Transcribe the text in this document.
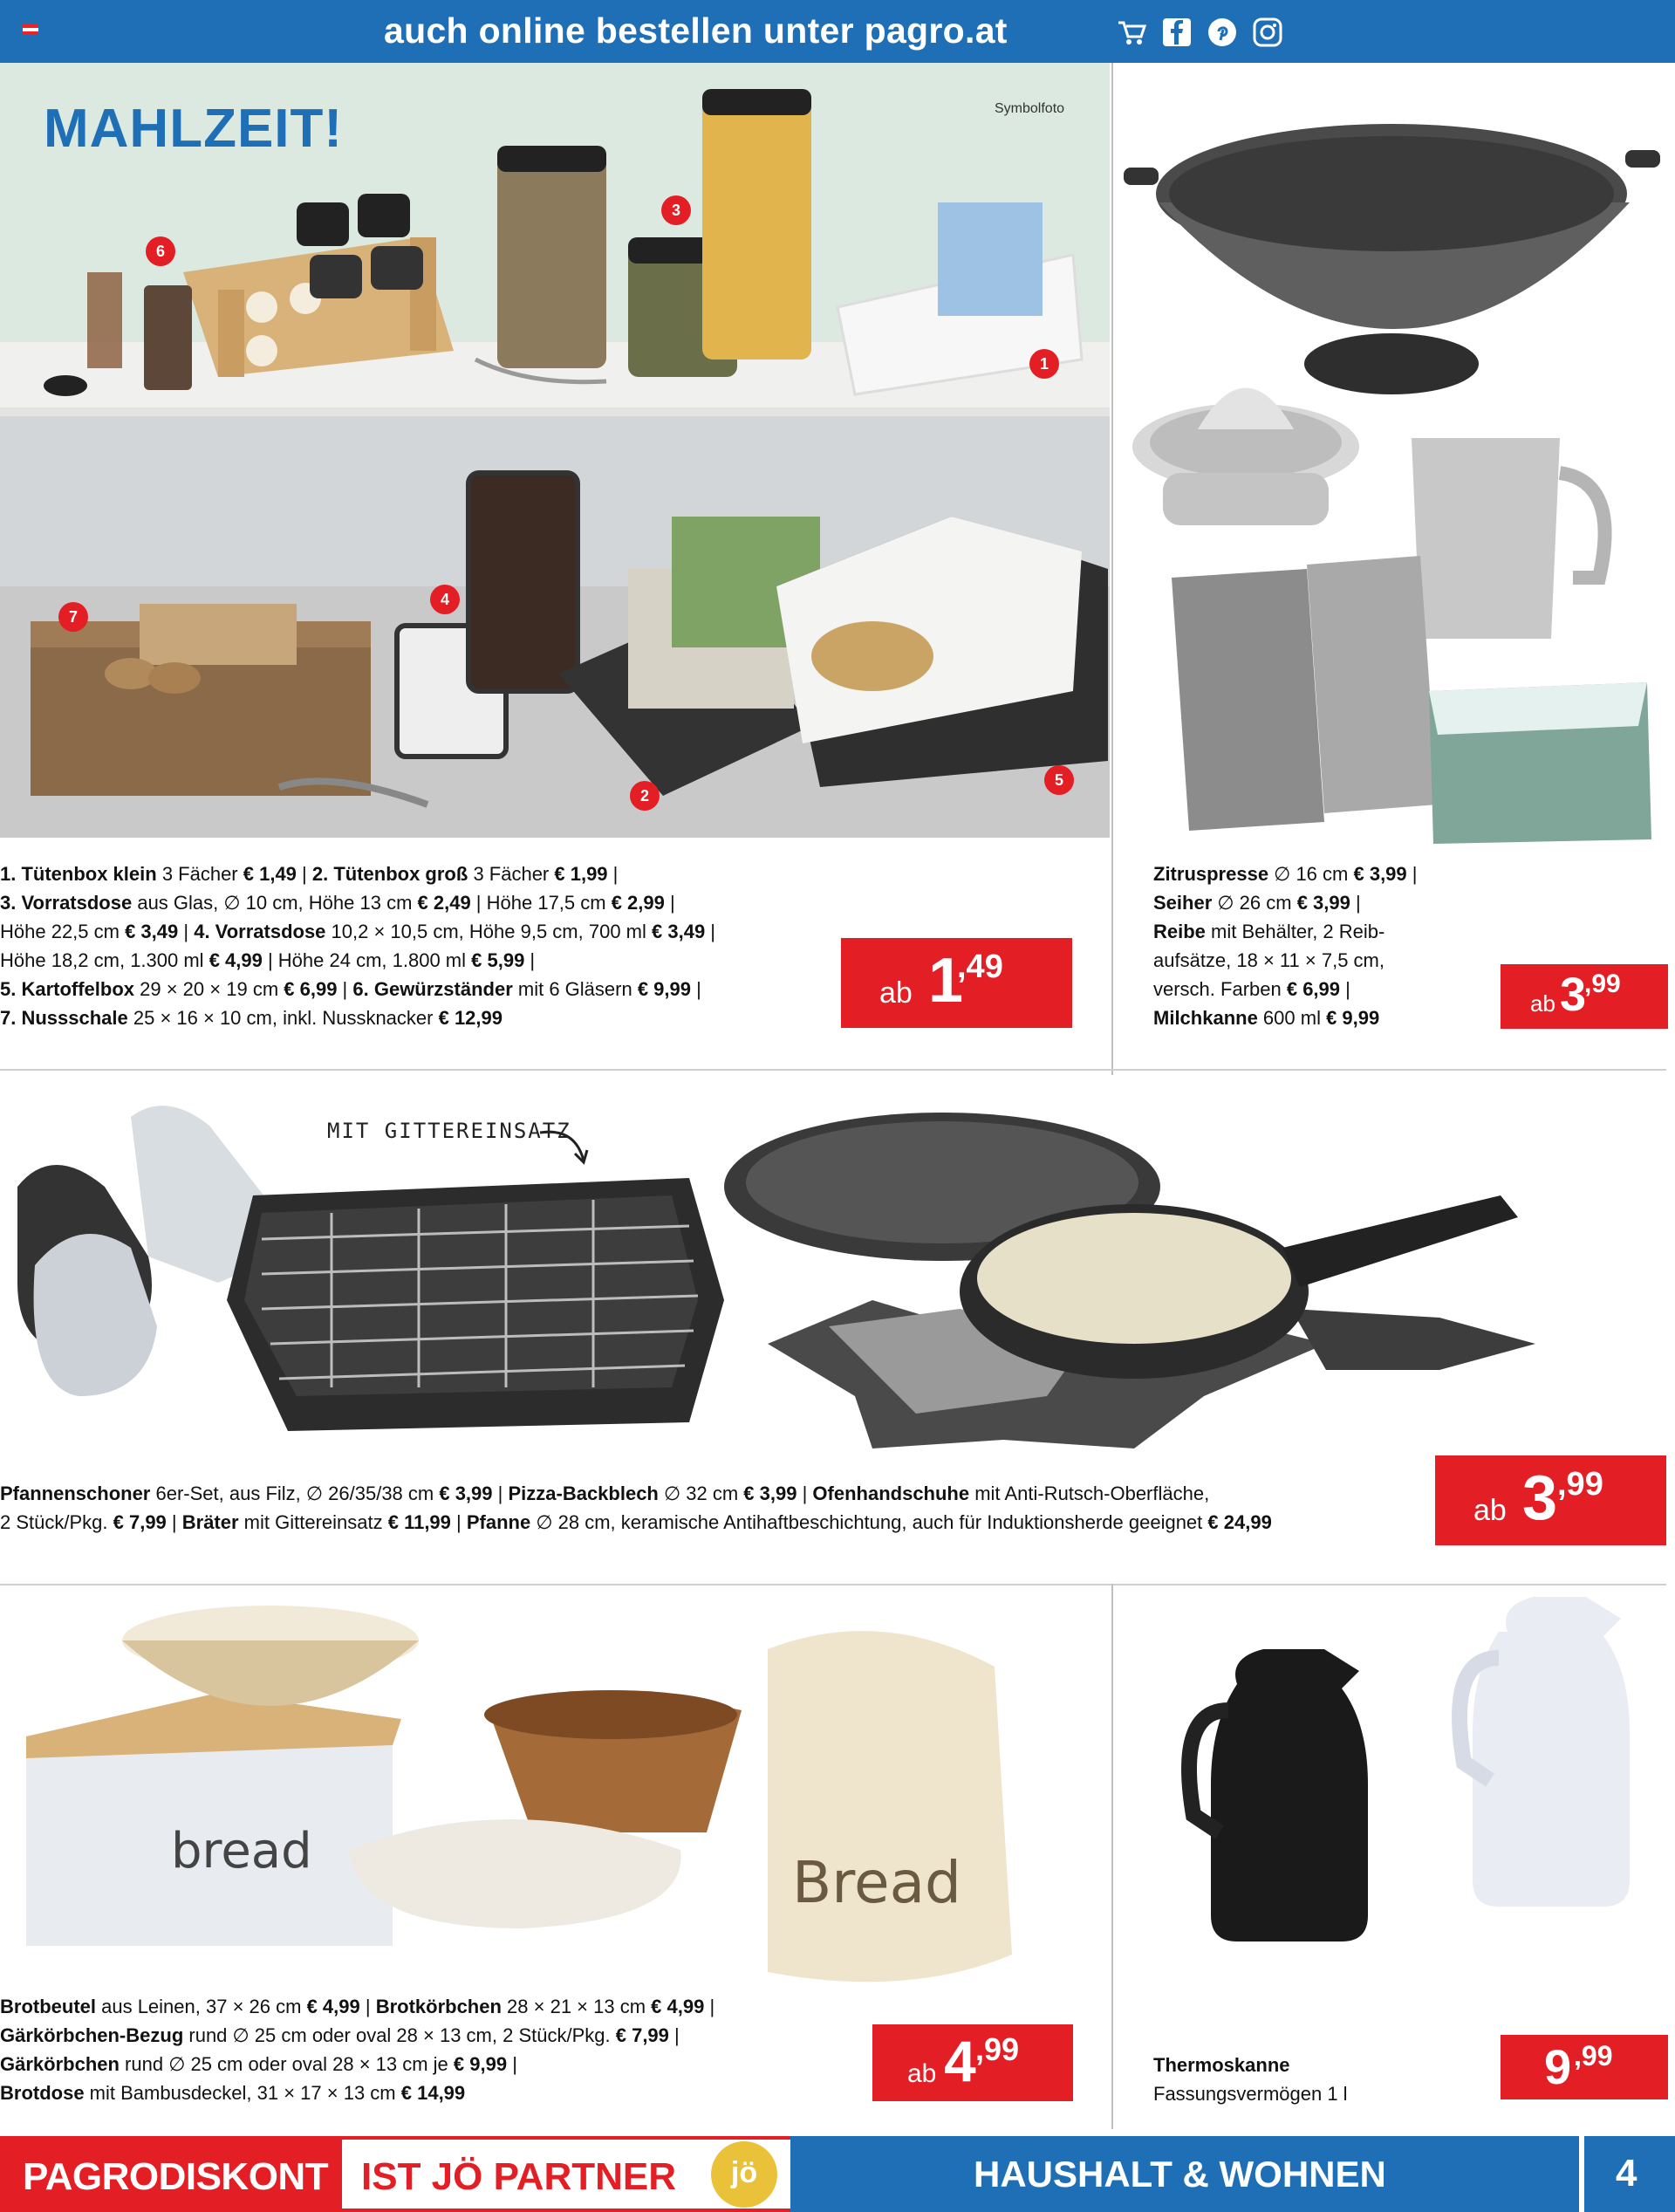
auch online bestellen unter pagro.at
MAHLZEIT!	Symbolfoto
6
3
1
7
4
2
5
1. Tütenbox klein 3 Fächer € 1,49 | 2. Tütenbox groß 3 Fächer € 1,99 |
3. Vorratsdose aus Glas, ∅ 10 cm, Höhe 13 cm € 2,49 | Höhe 17,5 cm € 2,99 |
Höhe 22,5 cm € 3,49 | 4. Vorratsdose 10,2 × 10,5 cm, Höhe 9,5 cm, 700 ml € 3,49 |
Höhe 18,2 cm, 1.300 ml € 4,99 | Höhe 24 cm, 1.800 ml € 5,99 |
5. Kartoffelbox 29 × 20 × 19 cm € 6,99 | 6. Gewürzständer mit 6 Gläsern € 9,99 |
7. Nussschale 25 × 16 × 10 cm, inkl. Nussknacker € 12,99
ab 1
,49
Zitruspresse ∅ 16 cm € 3,99 |
Seiher ∅ 26 cm € 3,99 |
Reibe mit Behälter, 2 Reib-
aufsätze, 18 × 11 × 7,5 cm,
versch. Farben € 6,99 |
Milchkanne 600 ml € 9,99
ab 3 ,99
MIT GITTEREINSATZ
Pfannenschoner 6er-Set, aus Filz, ∅ 26/35/38 cm € 3,99 | Pizza-Backblech ∅ 32 cm € 3,99 | Ofenhandschuhe mit Anti-Rutsch-Oberfläche,
2 Stück/Pkg. € 7,99 | Bräter mit Gittereinsatz € 11,99 | Pfanne ∅ 28 cm, keramische Antihaftbeschichtung, auch für Induktionsherde geeignet € 24,99	ab 3 ,99
bread	Bread
Brotbeutel aus Leinen, 37 × 26 cm € 4,99 | Brotkörbchen 28 × 21 × 13 cm € 4,99 |
Gärkörbchen-Bezug rund ∅ 25 cm oder oval 28 × 13 cm, 2 Stück/Pkg. € 7,99 |
Gärkörbchen rund ∅ 25 cm oder oval 28 × 13 cm je € 9,99 |
Brotdose mit Bambusdeckel, 31 × 17 × 13 cm € 14,99
ab 4 ,99	Thermoskanne
Fassungsvermögen 1 l	9 ,99
PAGRODISKONT IST JÖ PARTNER	jö	HAUSHALT & WOHNEN	4
